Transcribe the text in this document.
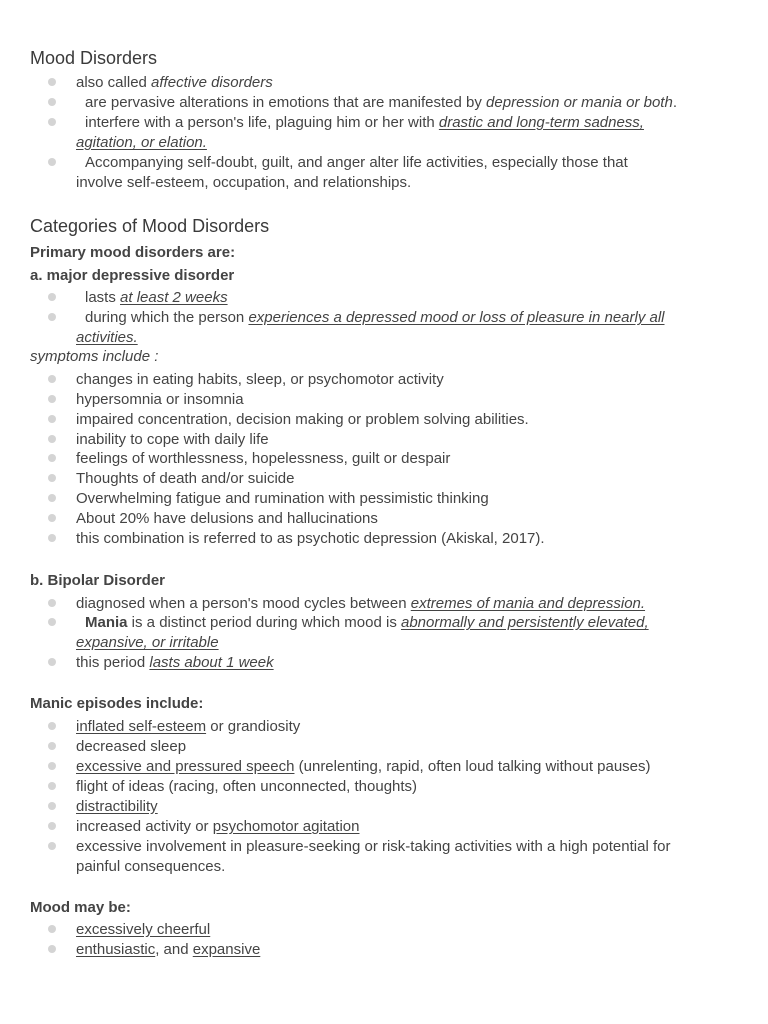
Mood Disorders
also called affective disorders
are pervasive alterations in emotions that are manifested by depression or mania or both.
interfere with a person's life, plaguing him or her with drastic and long-term sadness,
agitation, or elation.
Accompanying self-doubt, guilt, and anger alter life activities, especially those that
involve self-esteem, occupation, and relationships.
Categories of Mood Disorders
Primary mood disorders are:
a. major depressive disorder
lasts at least 2 weeks
during which the person experiences a depressed mood or loss of pleasure in nearly all
activities.
symptoms include :
changes in eating habits, sleep, or psychomotor activity
hypersomnia or insomnia
impaired concentration, decision making or problem solving abilities.
inability to cope with daily life
feelings of worthlessness, hopelessness, guilt or despair
Thoughts of death and/or suicide
Overwhelming fatigue and rumination with pessimistic thinking
About 20% have delusions and hallucinations
this combination is referred to as psychotic depression (Akiskal, 2017).
b. Bipolar Disorder
diagnosed when a person's mood cycles between extremes of mania and depression.
Mania is a distinct period during which mood is abnormally and persistently elevated,
expansive, or irritable
this period lasts about 1 week
Manic episodes include:
inflated self-esteem or grandiosity
decreased sleep
excessive and pressured speech (unrelenting, rapid, often loud talking without pauses)
flight of ideas (racing, often unconnected, thoughts)
distractibility
increased activity or psychomotor agitation
excessive involvement in pleasure-seeking or risk-taking activities with a high potential for
painful consequences.
Mood may be:
excessively cheerful
enthusiastic, and expansive
